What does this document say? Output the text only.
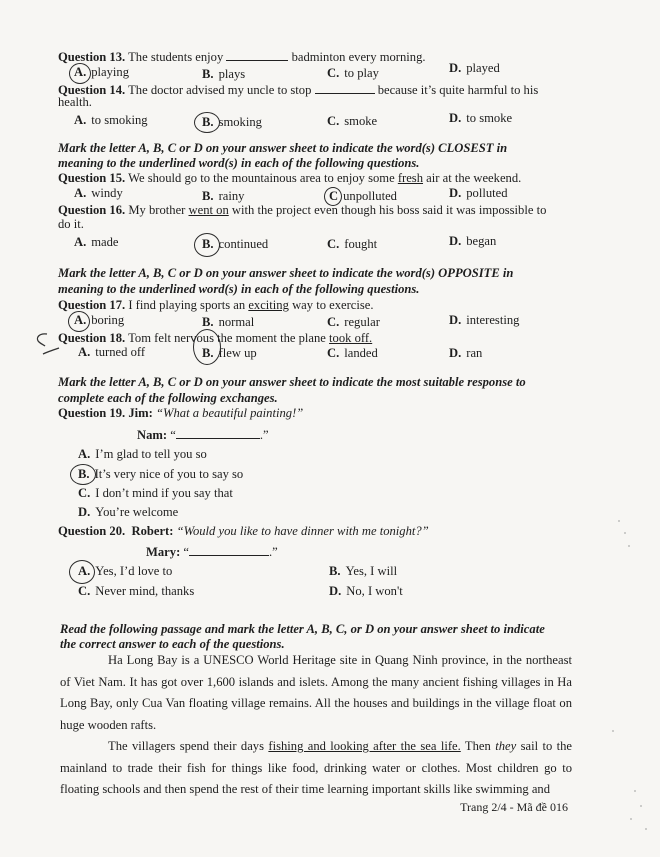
Question 13. The students enjoy	badminton every morning.
A. playing	B. plays	C. to play	D. played
Question 14. The doctor advised my uncle to stop	because it’s quite harmful to his
health.
A. to smoking	B. smoking	C. smoke	D. to smoke
Mark the letter A, B, C or D on your answer sheet to indicate the word(s) CLOSEST in
meaning to the underlined word(s) in each of the following questions.
Question 15. We should go to the mountainous area to enjoy some fresh air at the weekend.
A. windy	B. rainy	C unpolluted	D. polluted
Question 16. My brother went on with the project even though his boss said it was impossible to
do it.
A. made	B. continued	C. fought	D. began
Mark the letter A, B, C or D on your answer sheet to indicate the word(s) OPPOSITE in
meaning to the underlined word(s) in each of the following questions.
Question 17. I find playing sports an exciting way to exercise.
A. boring	B. normal	C. regular	D. interesting
Question 18. Tom felt nervous the moment the plane took off.
A. turned off	B. flew up	C. landed	D. ran
Mark the letter A, B, C or D on your answer sheet to indicate the most suitable response to
complete each of the following exchanges.
Question 19. Jim: “What a beautiful painting!”
Nam: “	.”
A. I’m glad to tell you so
B. It’s very nice of you to say so
C. I don’t mind if you say that
D. You’re welcome
Question 20. Robert: “Would you like to have dinner with me tonight?”
Mary: “	.”
A. Yes, I’d love to	B. Yes, I will
C. Never mind, thanks	D. No, I won't
Read the following passage and mark the letter A, B, C, or D on your answer sheet to indicate
the correct answer to each of the questions.
Ha Long Bay is a UNESCO World Heritage site in Quang Ninh province, in the northeast of Viet Nam. It has got over 1,600 islands and islets. Among the many ancient fishing villages in Ha Long Bay, only Cua Van floating village remains. All the houses and buildings in the village float on huge wooden rafts.
The villagers spend their days fishing and looking after the sea life. Then they sail to the mainland to trade their fish for things like food, drinking water or clothes. Most children go to floating schools and then spend the rest of their time learning important skills like swimming and
Trang 2/4 - Mã đề 016
